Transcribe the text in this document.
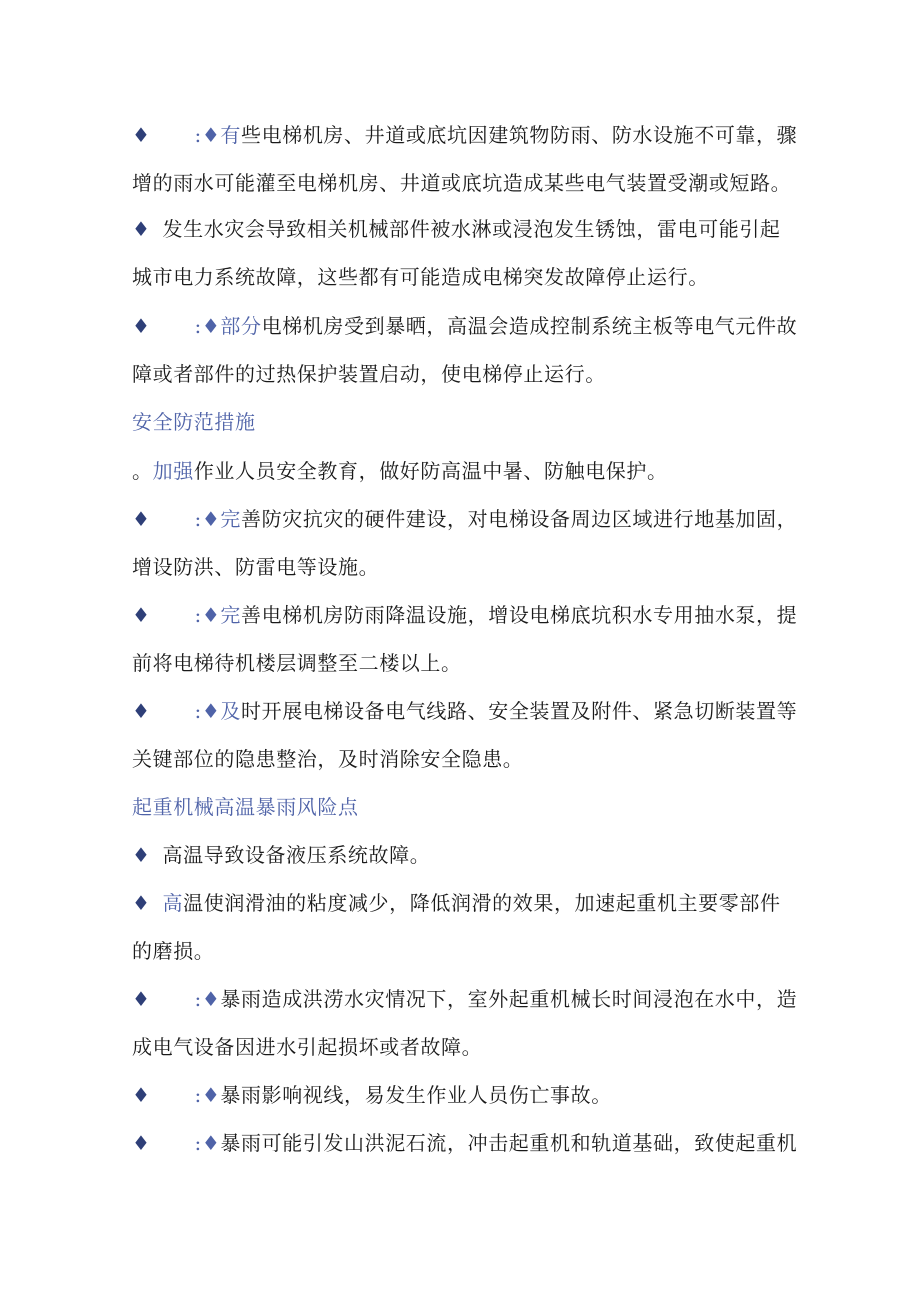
♦ :♦有些电梯机房、井道或底坑因建筑物防雨、防水设施不可靠，骤
增的雨水可能灌至电梯机房、井道或底坑造成某些电气装置受潮或短路。
♦ 发生水灾会导致相关机械部件被水淋或浸泡发生锈蚀，雷电可能引起
城市电力系统故障，这些都有可能造成电梯突发故障停止运行。
♦ :♦部分电梯机房受到暴晒，高温会造成控制系统主板等电气元件故
障或者部件的过热保护装置启动，使电梯停止运行。
安全防范措施
。加强作业人员安全教育，做好防高温中暑、防触电保护。
♦ :♦完善防灾抗灾的硬件建设，对电梯设备周边区域进行地基加固，
增设防洪、防雷电等设施。
♦ :♦完善电梯机房防雨降温设施，增设电梯底坑积水专用抽水泵，提
前将电梯待机楼层调整至二楼以上。
♦ :♦及时开展电梯设备电气线路、安全装置及附件、紧急切断装置等
关键部位的隐患整治，及时消除安全隐患。
起重机械高温暴雨风险点
♦ 高温导致设备液压系统故障。
♦ 高温使润滑油的粘度减少，降低润滑的效果，加速起重机主要零部件
的磨损。
♦ :♦暴雨造成洪涝水灾情况下，室外起重机械长时间浸泡在水中，造
成电气设备因进水引起损坏或者故障。
♦ :♦暴雨影响视线，易发生作业人员伤亡事故。
♦ :♦暴雨可能引发山洪泥石流，冲击起重机和轨道基础，致使起重机
